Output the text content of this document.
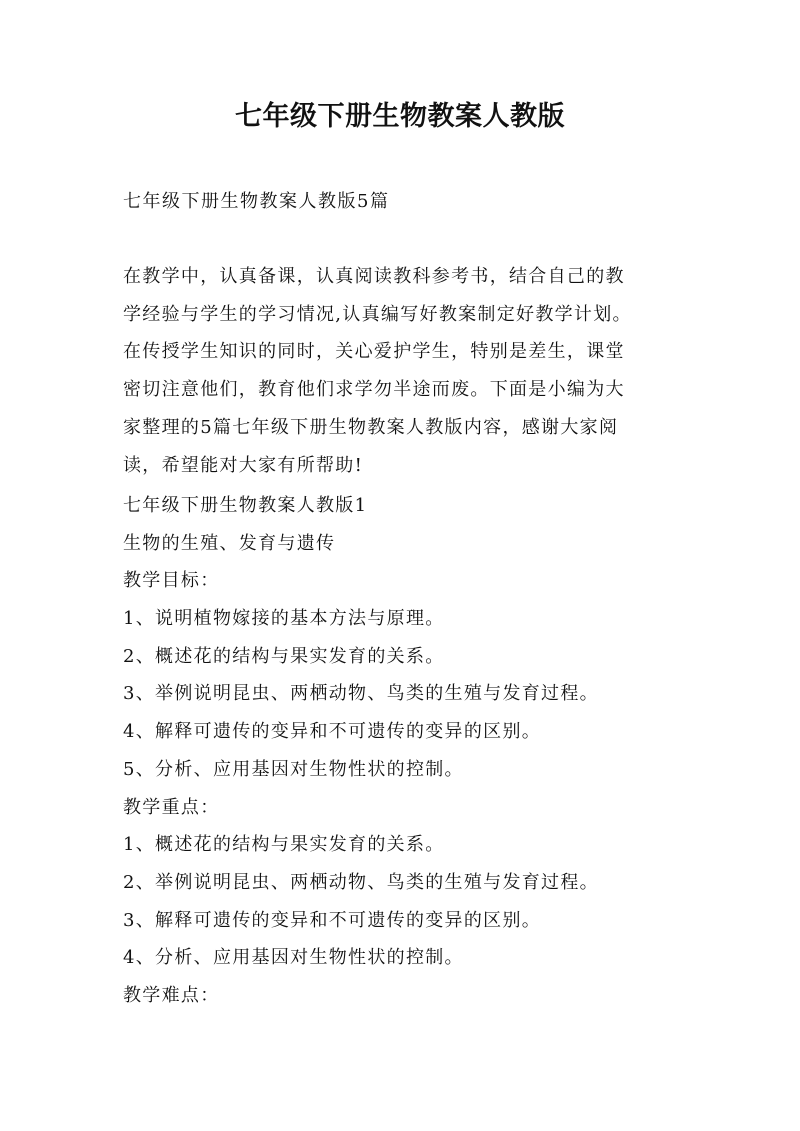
七年级下册生物教案人教版
七年级下册生物教案人教版5篇

在教学中，认真备课，认真阅读教科参考书，结合自己的教

学经验与学生的学习情况,认真编写好教案制定好教学计划。

在传授学生知识的同时，关心爱护学生，特别是差生，课堂

密切注意他们，教育他们求学勿半途而废。下面是小编为大

家整理的5篇七年级下册生物教案人教版内容，感谢大家阅

读，希望能对大家有所帮助!

七年级下册生物教案人教版1

生物的生殖、发育与遗传

教学目标：

1、说明植物嫁接的基本方法与原理。

2、概述花的结构与果实发育的关系。

3、举例说明昆虫、两栖动物、鸟类的生殖与发育过程。

4、解释可遗传的变异和不可遗传的变异的区别。

5、分析、应用基因对生物性状的控制。

教学重点：

1、概述花的结构与果实发育的关系。

2、举例说明昆虫、两栖动物、鸟类的生殖与发育过程。

3、解释可遗传的变异和不可遗传的变异的区别。

4、分析、应用基因对生物性状的控制。

教学难点：
